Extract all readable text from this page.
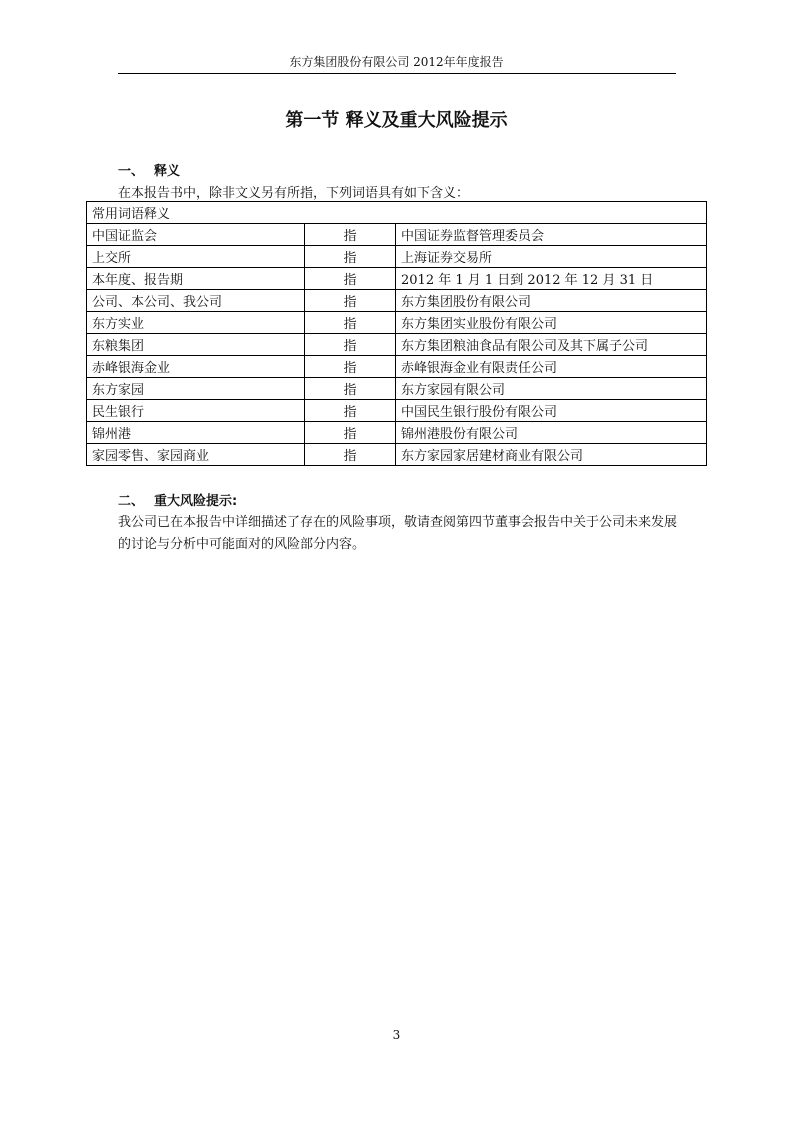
东方集团股份有限公司 2012年年度报告
第一节 释义及重大风险提示
一、 释义
在本报告书中，除非文义另有所指，下列词语具有如下含义：
常用词语释义		
中国证监会	指	中国证券监督管理委员会
上交所	指	上海证券交易所
本年度、报告期	指	2012 年 1 月 1 日到 2012 年 12 月 31 日
公司、本公司、我公司	指	东方集团股份有限公司
东方实业	指	东方集团实业股份有限公司
东粮集团	指	东方集团粮油食品有限公司及其下属子公司
赤峰银海金业	指	赤峰银海金业有限责任公司
东方家园	指	东方家园有限公司
民生银行	指	中国民生银行股份有限公司
锦州港	指	锦州港股份有限公司
家园零售、家园商业	指	东方家园家居建材商业有限公司
二、 重大风险提示:
我公司已在本报告中详细描述了存在的风险事项，敬请查阅第四节董事会报告中关于公司未来发展的讨论与分析中可能面对的风险部分内容。
3
